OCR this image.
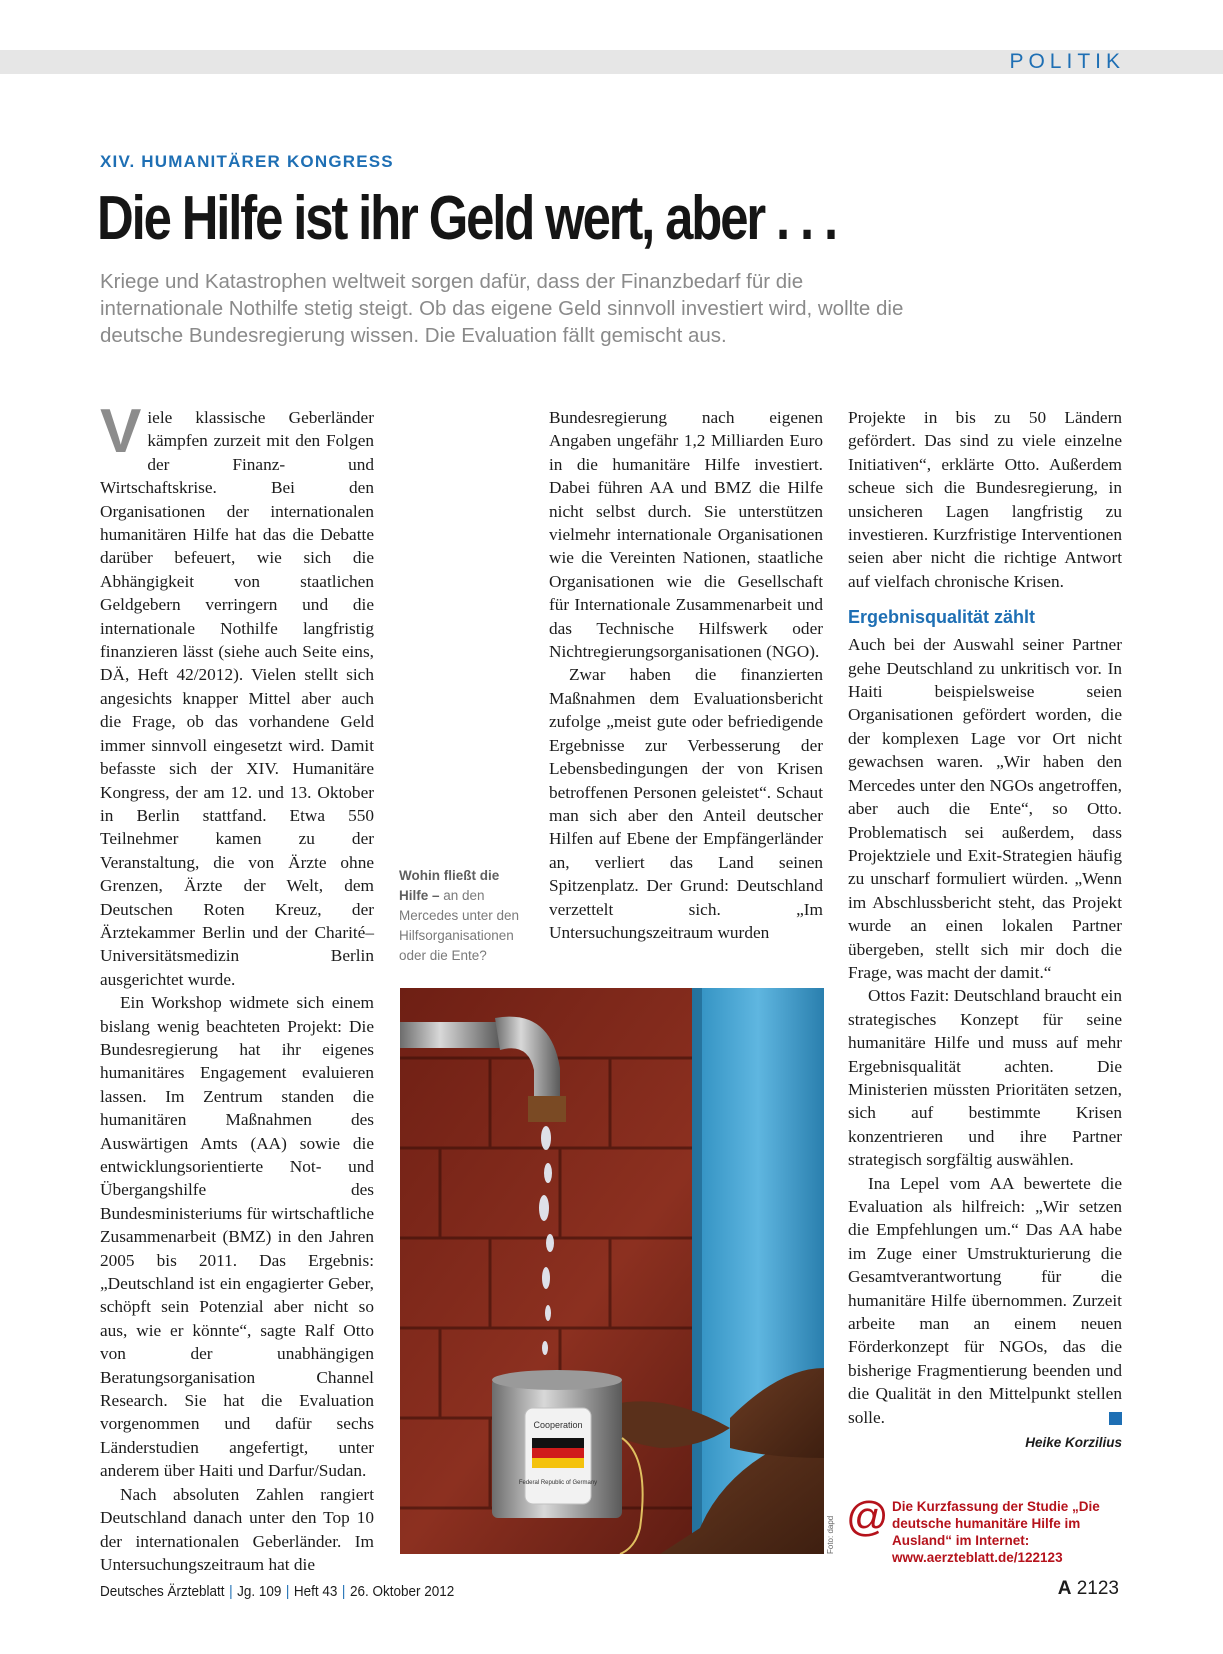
POLITIK
XIV. HUMANITÄRER KONGRESS
Die Hilfe ist ihr Geld wert, aber . . .
Kriege und Katastrophen weltweit sorgen dafür, dass der Finanzbedarf für die internationale Nothilfe stetig steigt. Ob das eigene Geld sinnvoll investiert wird, wollte die deutsche Bundesregierung wissen. Die Evaluation fällt gemischt aus.

Viele klassische Geberländer kämpfen zurzeit mit den Folgen der Finanz- und Wirtschaftskrise. Bei den Organisationen der internationalen humanitären Hilfe hat das die Debatte darüber befeuert, wie sich die Abhängigkeit von staatlichen Geldgebern verringern und die internationale Nothilfe langfristig finanzieren lässt (siehe auch Seite eins, DÄ, Heft 42/2012). Vielen stellt sich angesichts knapper Mittel aber auch die Frage, ob das vorhandene Geld immer sinnvoll eingesetzt wird. Damit befasste sich der XIV. Humanitäre Kongress, der am 12. und 13. Oktober in Berlin stattfand. Etwa 550 Teilnehmer kamen zu der Veranstaltung, die von Ärzte ohne Grenzen, Ärzte der Welt, dem Deutschen Roten Kreuz, der Ärztekammer Berlin und der Charité–Universitätsmedizin Berlin ausgerichtet wurde.

Ein Workshop widmete sich einem bislang wenig beachteten Projekt: Die Bundesregierung hat ihr eigenes humanitäres Engagement evaluieren lassen. Im Zentrum standen die humanitären Maßnahmen des Auswärtigen Amts (AA) sowie die entwicklungsorientierte Not- und Übergangshilfe des Bundesministeriums für wirtschaftliche Zusammenarbeit (BMZ) in den Jahren 2005 bis 2011. Das Ergebnis: „Deutschland ist ein engagierter Geber, schöpft sein Potenzial aber nicht so aus, wie er könnte“, sagte Ralf Otto von der unabhängigen Beratungsorganisation Channel Research. Sie hat die Evaluation vorgenommen und dafür sechs Länderstudien angefertigt, unter anderem über Haiti und Darfur/Sudan.

Nach absoluten Zahlen rangiert Deutschland danach unter den Top 10 der internationalen Geberländer. Im Untersuchungszeitraum hat die

Bundesregierung nach eigenen Angaben ungefähr 1,2 Milliarden Euro in die humanitäre Hilfe investiert. Dabei führen AA und BMZ die Hilfe nicht selbst durch. Sie unterstützen vielmehr internationale Organisationen wie die Vereinten Nationen, staatliche Organisationen wie die Gesellschaft für Internationale Zusammenarbeit und das Technische Hilfswerk oder Nichtregierungsorganisationen (NGO).

Zwar haben die finanzierten Maßnahmen dem Evaluationsbericht zufolge „meist gute oder befriedigende Ergebnisse zur Verbesserung der Lebensbedingungen der von Krisen betroffenen Personen geleistet“. Schaut man sich aber den Anteil deutscher Hilfen auf Ebene der Empfängerländer an, verliert das Land seinen Spitzenplatz. Der Grund: Deutschland verzettelt sich. „Im Untersuchungszeitraum wurden

Wohin fließt die Hilfe – an den Mercedes unter den Hilfsorganisationen oder die Ente?
Cooperation
Federal Republic of Germany
Foto: dapd

Projekte in bis zu 50 Ländern gefördert. Das sind zu viele einzelne Initiativen“, erklärte Otto. Außerdem scheue sich die Bundesregierung, in unsicheren Lagen langfristig zu investieren. Kurzfristige Interventionen seien aber nicht die richtige Antwort auf vielfach chronische Krisen.

Ergebnisqualität zählt

Auch bei der Auswahl seiner Partner gehe Deutschland zu unkritisch vor. In Haiti beispielsweise seien Organisationen gefördert worden, die der komplexen Lage vor Ort nicht gewachsen waren. „Wir haben den Mercedes unter den NGOs angetroffen, aber auch die Ente“, so Otto. Problematisch sei außerdem, dass Projektziele und Exit-Strategien häufig zu unscharf formuliert würden. „Wenn im Abschlussbericht steht, das Projekt wurde an einen lokalen Partner übergeben, stellt sich mir doch die Frage, was macht der damit.“

Ottos Fazit: Deutschland braucht ein strategisches Konzept für seine humanitäre Hilfe und muss auf mehr Ergebnisqualität achten. Die Ministerien müssten Prioritäten setzen, sich auf bestimmte Krisen konzentrieren und ihre Partner strategisch sorgfältig auswählen.

Ina Lepel vom AA bewertete die Evaluation als hilfreich: „Wir setzen die Empfehlungen um.“ Das AA habe im Zuge einer Umstrukturierung die Gesamtverantwortung für die humanitäre Hilfe übernommen. Zurzeit arbeite man an einem neuen Förderkonzept für NGOs, das die bisherige Fragmentierung beenden und die Qualität in den Mittelpunkt stellen solle.

Heike Korzilius

@ Die Kurzfassung der Studie „Die deutsche humanitäre Hilfe im Ausland“ im Internet: www.aerzteblatt.de/122123
Deutsches Ärzteblatt | Jg. 109 | Heft 43 | 26. Oktober 2012	A 2123
